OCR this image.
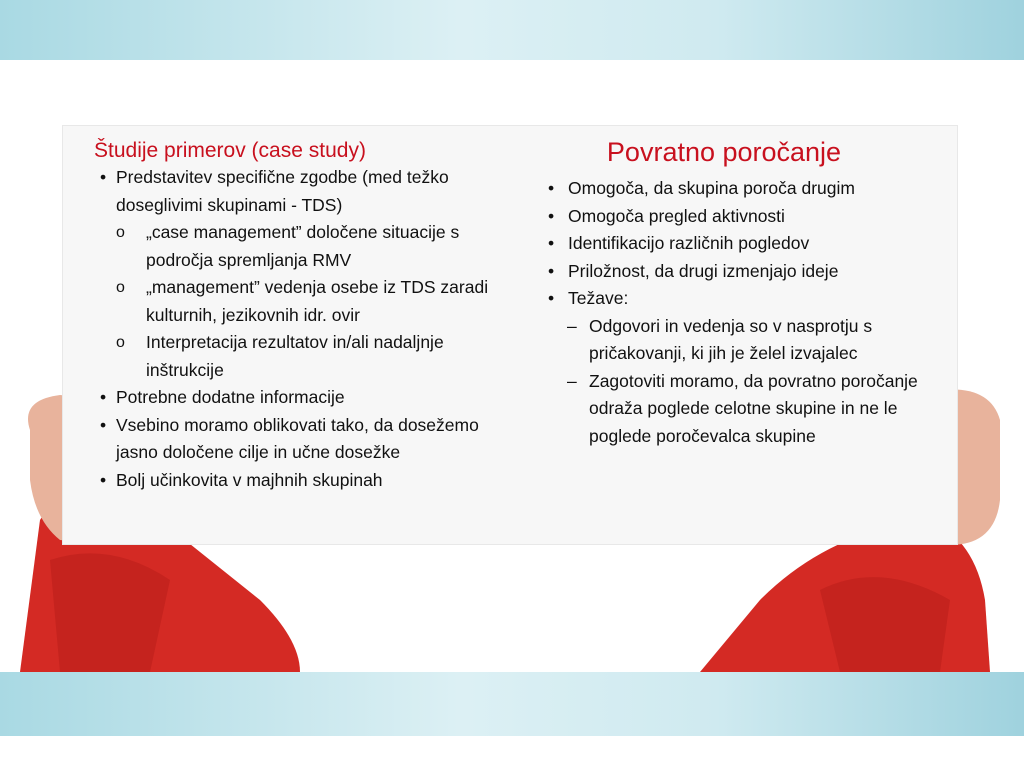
Študije primerov (case study)
• Predstavitev specifične zgodbe (med težko doseglivimi skupinami - TDS)
o „case management” določene situacije s področja spremljanja RMV
o „management” vedenja osebe iz TDS zaradi kulturnih, jezikovnih idr. ovir
o Interpretacija rezultatov in/ali nadaljnje inštrukcije
• Potrebne dodatne informacije
• Vsebino moramo oblikovati tako, da dosežemo jasno določene cilje in učne dosežke
• Bolj učinkovita v majhnih skupinah
Povratno poročanje
• Omogoča, da skupina poroča drugim
• Omogoča pregled aktivnosti
• Identifikacijo različnih pogledov
• Priložnost, da drugi izmenjajo ideje
• Težave:
– Odgovori in vedenja so v nasprotju s pričakovanji, ki jih je želel izvajalec
– Zagotoviti moramo, da povratno poročanje odraža poglede celotne skupine in ne le poglede poročevalca skupine
